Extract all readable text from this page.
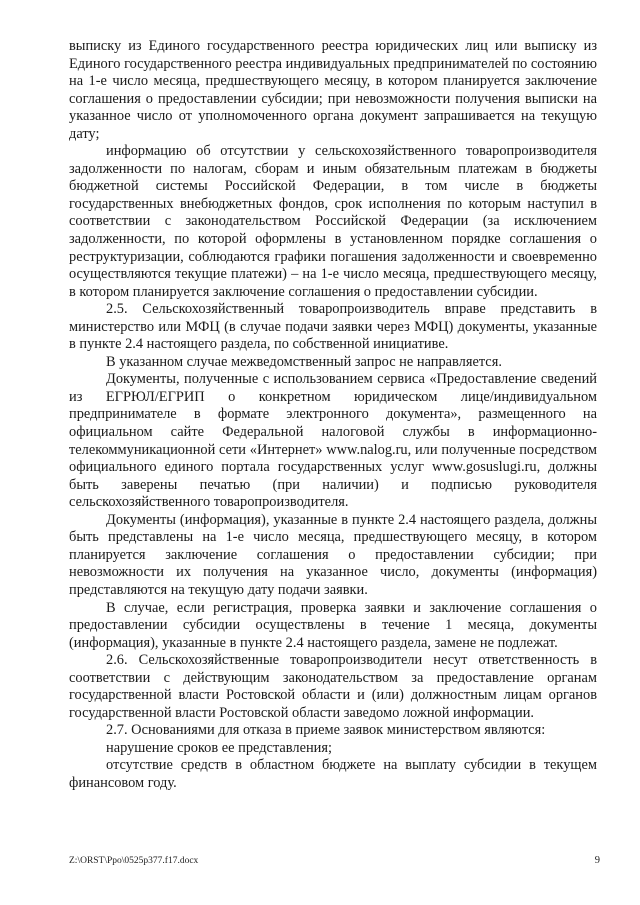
выписку из Единого государственного реестра юридических лиц или выписку из Единого государственного реестра индивидуальных предпринимателей по состоянию на 1-е число месяца, предшествующего месяцу, в котором планируется заключение соглашения о предоставлении субсидии; при невозможности получения выписки на указанное число от уполномоченного органа документ запрашивается на текущую дату;

информацию об отсутствии у сельскохозяйственного товаропроизводителя задолженности по налогам, сборам и иным обязательным платежам в бюджеты бюджетной системы Российской Федерации, в том числе в бюджеты государственных внебюджетных фондов, срок исполнения по которым наступил в соответствии с законодательством Российской Федерации (за исключением задолженности, по которой оформлены в установленном порядке соглашения о реструктуризации, соблюдаются графики погашения задолженности и своевременно осуществляются текущие платежи) – на 1-е число месяца, предшествующего месяцу, в котором планируется заключение соглашения о предоставлении субсидии.

2.5. Сельскохозяйственный товаропроизводитель вправе представить в министерство или МФЦ (в случае подачи заявки через МФЦ) документы, указанные в пункте 2.4 настоящего раздела, по собственной инициативе.

В указанном случае межведомственный запрос не направляется.

Документы, полученные с использованием сервиса «Предоставление сведений из ЕГРЮЛ/ЕГРИП о конкретном юридическом лице/индивидуальном предпринимателе в формате электронного документа», размещенного на официальном сайте Федеральной налоговой службы в информационно-телекоммуникационной сети «Интернет» www.nalog.ru, или полученные посредством официального единого портала государственных услуг www.gosuslugi.ru, должны быть заверены печатью (при наличии) и подписью руководителя сельскохозяйственного товаропроизводителя.

Документы (информация), указанные в пункте 2.4 настоящего раздела, должны быть представлены на 1-е число месяца, предшествующего месяцу, в котором планируется заключение соглашения о предоставлении субсидии; при невозможности их получения на указанное число, документы (информация) представляются на текущую дату подачи заявки.

В случае, если регистрация, проверка заявки и заключение соглашения о предоставлении субсидии осуществлены в течение 1 месяца, документы (информация), указанные в пункте 2.4 настоящего раздела, замене не подлежат.

2.6. Сельскохозяйственные товаропроизводители несут ответственность в соответствии с действующим законодательством за предоставление органам государственной власти Ростовской области и (или) должностным лицам органов государственной власти Ростовской области заведомо ложной информации.

2.7. Основаниями для отказа в приеме заявок министерством являются:

нарушение сроков ее представления;

отсутствие средств в областном бюджете на выплату субсидии в текущем финансовом году.

Z:\ORST\Ppo\0525p377.f17.docx	9
